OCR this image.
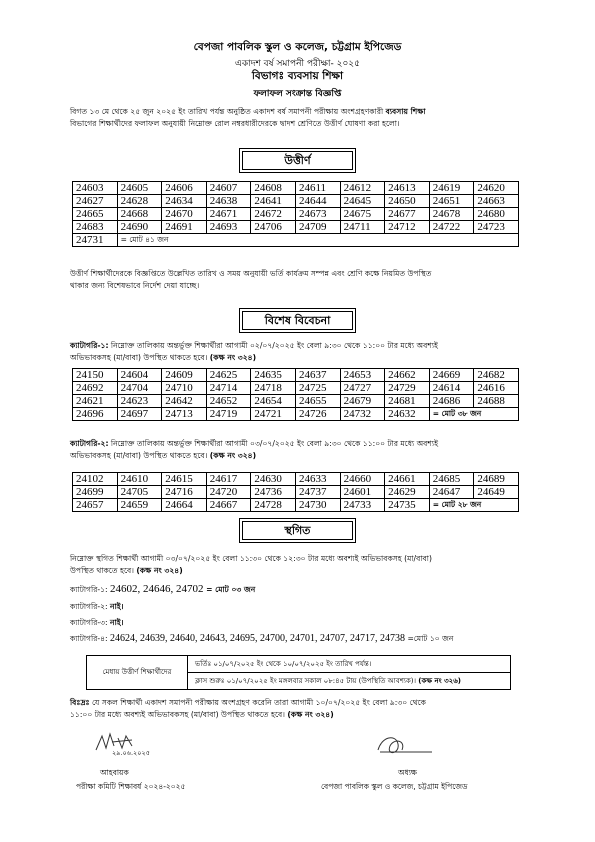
বেপজা পাবলিক স্কুল ও কলেজ, চট্টগ্রাম ইপিজেড
একাদশ বর্ষ সমাপনী পরীক্ষা- ২০২৫
বিভাগঃ ব্যবসায় শিক্ষা
ফলাফল সংক্রান্ত বিজ্ঞপ্তি
বিগত ১৩ মে থেকে ২৫ জুন ২০২৫ ইং তারিখ পর্যন্ত অনুষ্ঠিত একাদশ বর্ষ সমাপনী পরীক্ষায় অংশগ্রহণকারী ব্যবসায় শিক্ষা
বিভাগের শিক্ষার্থীদের ফলাফল অনুযায়ী নিম্নোক্ত রোল নম্বরধারীদেরকে দ্বাদশ শ্রেণিতে উত্তীর্ণ ঘোষণা করা হলো।
উত্তীর্ণ
24603	24605	24606	24607	24608	24611	24612	24613	24619	24620
24627	24628	24634	24638	24641	24644	24645	24650	24651	24663
24665	24668	24670	24671	24672	24673	24675	24677	24678	24680
24683	24690	24691	24693	24706	24709	24711	24712	24722	24723
24731	= মোট ৪১ জন								
উত্তীর্ণ শিক্ষার্থীদেরকে বিজ্ঞপ্তিতে উল্লেখিত তারিখ ও সময় অনুযায়ী ভর্তি কার্যক্রম সম্পন্ন এবং শ্রেণি কক্ষে নিয়মিত উপস্থিত
থাকার জন্য বিশেষভাবে নির্দেশ দেয়া যাচ্ছে।
বিশেষ বিবেচনা
ক্যাটাগরি-১: নিম্নোক্ত তালিকায় অন্তর্ভুক্ত শিক্ষার্থীরা আগামী ০২/০৭/২০২৫ ইং বেলা ৯:৩০ থেকে ১১:০০ টার মধ্যে অবশ্যই
অভিভাবকসহ (মা/বাবা) উপস্থিত থাকতে হবে। (কক্ষ নং ৩২৪)
24150	24604	24609	24625	24635	24637	24653	24662	24669	24682
24692	24704	24710	24714	24718	24725	24727	24729	24614	24616
24621	24623	24642	24652	24654	24655	24679	24681	24686	24688
24696	24697	24713	24719	24721	24726	24732	24632	= মোট ৩৮ জন	
ক্যাটাগরি-২: নিম্নোক্ত তালিকায় অন্তর্ভুক্ত শিক্ষার্থীরা আগামী ০৩/০৭/২০২৫ ইং বেলা ৯:৩০ থেকে ১১:০০ টার মধ্যে অবশ্যই
অভিভাবকসহ (মা/বাবা) উপস্থিত থাকতে হবে। (কক্ষ নং ৩২৪)
24102	24610	24615	24617	24630	24633	24660	24661	24685	24689
24699	24705	24716	24720	24736	24737	24601	24629	24647	24649
24657	24659	24664	24667	24728	24730	24733	24735	= মোট ২৮ জন	
স্থগিত
নিম্নোক্ত স্থগিত শিক্ষার্থী আগামী ০৩/০৭/২০২৫ ইং বেলা ১১:৩০ থেকে ১২:৩০ টার মধ্যে অবশ্যই অভিভাবকসহ (মা/বাবা)
উপস্থিত থাকতে হবে। (কক্ষ নং ৩২৪)
ক্যাটাগরি-১: 24602, 24646, 24702 = মোট ০৩ জন
ক্যাটাগরি-২: নাই।
ক্যাটাগরি-৩: নাই।
ক্যাটাগরি-৪: 24624, 24639, 24640, 24643, 24695, 24700, 24701, 24707, 24717, 24738 =মোট ১০ জন
মেধায় উত্তীর্ণ শিক্ষার্থীদের
ভর্তিঃ ০১/০৭/২০২৫ ইং থেকে ১০/০৭/২০২৫ ইং তারিখ পর্যন্ত।
ক্লাস শুরুঃ ০১/০৭/২০২৫ ইং মঙ্গলবার সকাল ০৮:৪৫ টায় (উপস্থিতি আবশ্যক)। (কক্ষ নং ৩২৬)
বিঃদ্রঃ যে সকল শিক্ষার্থী একাদশ সমাপনী পরীক্ষায় অংশগ্রহণ করেনি তারা আগামী ১০/০৭/২০২৫ ইং বেলা ৯:৩০ থেকে
১১:০০ টার মধ্যে অবশ্যই অভিভাবকসহ (মা/বাবা) উপস্থিত থাকতে হবে। (কক্ষ নং ৩২৪)
২৯.০৬.২০২৫
আহবায়ক
পরীক্ষা কমিটি শিক্ষাবর্ষ ২০২৪-২০২৫
অধ্যক্ষ
বেপজা পাবলিক স্কুল ও কলেজ, চট্টগ্রাম ইপিজেড
